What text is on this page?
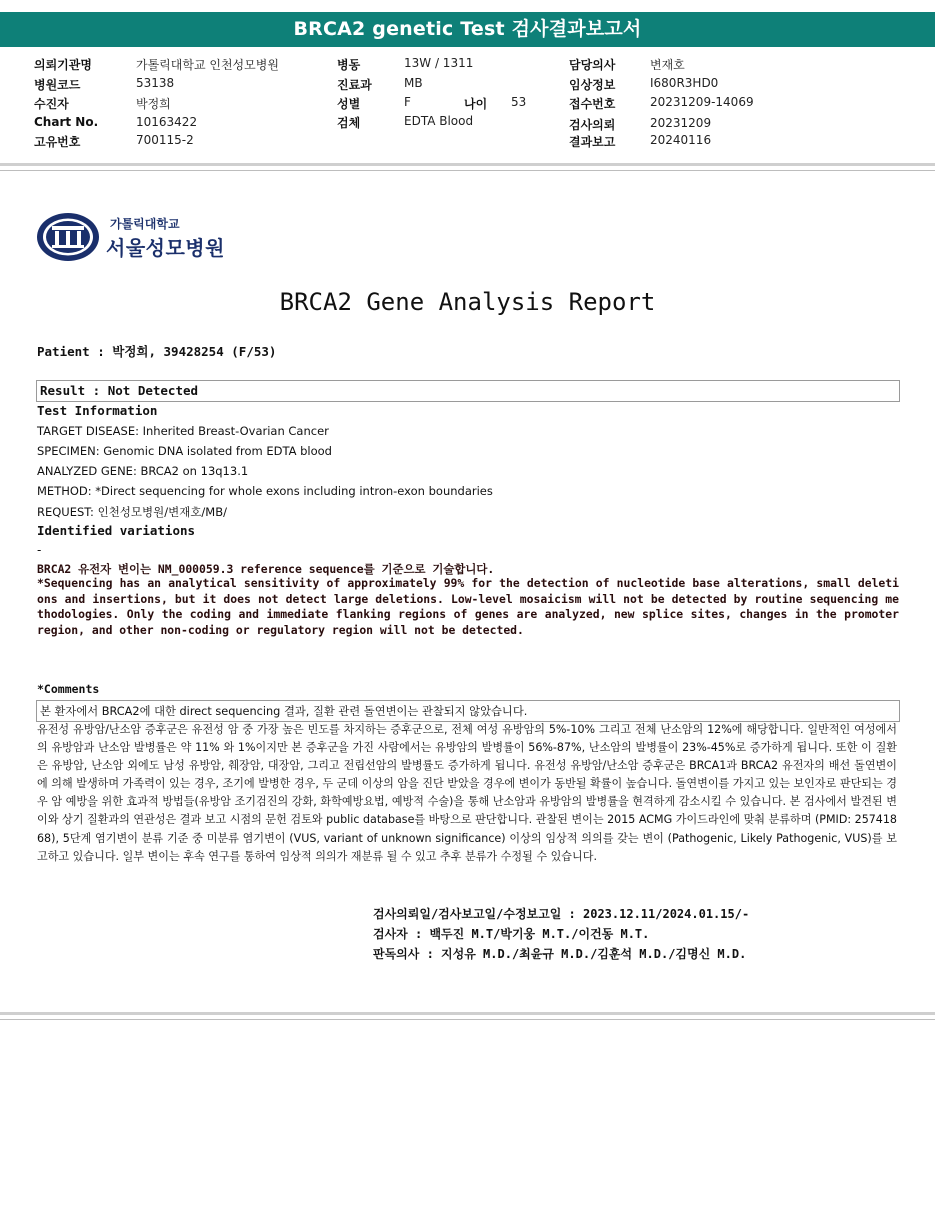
BRCA2 genetic Test 검사결과보고서
의뢰기관명	가톨릭대학교 인천성모병원
병원코드	53138
수진자	박정희
Chart No.	10163422
고유번호	700115-2
병동	13W / 1311
진료과	MB
성별	F	나이 53
검체	EDTA Blood
담당의사	변재호
임상정보	I680R3HD0
접수번호	20231209-14069
검사의뢰	20231209
결과보고	20240116
가톨릭대학교
서울성모병원
BRCA2 Gene Analysis Report
Patient : 박정희, 39428254 (F/53)
Result : Not Detected
Test Information
TARGET DISEASE: Inherited Breast-Ovarian Cancer
SPECIMEN: Genomic DNA isolated from EDTA blood
ANALYZED GENE: BRCA2 on 13q13.1
METHOD: *Direct sequencing for whole exons including intron-exon boundaries
REQUEST: 인천성모병원/변재호/MB/
Identified variations
-
BRCA2 유전자 변이는 NM_000059.3 reference sequence를 기준으로 기술합니다.

*Sequencing has an analytical sensitivity of approximately 99% for the detection of nucleotide base alterations, small deletions and insertions, but it does not detect large deletions. Low-level mosaicism will not be detected by routine sequencing methodologies. Only the coding and immediate flanking regions of genes are analyzed, new splice sites, changes in the promoter region, and other non-coding or regulatory region will not be detected.

*Comments
본 환자에서 BRCA2에 대한 direct sequencing 결과, 질환 관련 돌연변이는 관찰되지 않았습니다.

유전성 유방암/난소암 증후군은 유전성 암 중 가장 높은 빈도를 차지하는 증후군으로, 전체 여성 유방암의 5%-10% 그리고 전체 난소암의 12%에 해당합니다. 일반적인 여성에서의 유방암과 난소암 발병률은 약 11% 와 1%이지만 본 증후군을 가진 사람에서는 유방암의 발병률이 56%-87%, 난소암의 발병률이 23%-45%로 증가하게 됩니다. 또한 이 질환은 유방암, 난소암 외에도 남성 유방암, 췌장암, 대장암, 그리고 전립선암의 발병률도 증가하게 됩니다. 유전성 유방암/난소암 증후군은 BRCA1과 BRCA2 유전자의 배선 돌연변이에 의해 발생하며 가족력이 있는 경우, 조기에 발병한 경우, 두 군데 이상의 암을 진단 받았을 경우에 변이가 동반될 확률이 높습니다. 돌연변이를 가지고 있는 보인자로 판단되는 경우 암 예방을 위한 효과적 방법들(유방암 조기검진의 강화, 화학예방요법, 예방적 수술)을 통해 난소암과 유방암의 발병률을 현격하게 감소시킬 수 있습니다. 본 검사에서 발견된 변이와 상기 질환과의 연관성은 결과 보고 시점의 문헌 검토와 public database를 바탕으로 판단합니다. 관찰된 변이는 2015 ACMG 가이드라인에 맞춰 분류하며 (PMID: 25741868), 5단계 염기변이 분류 기준 중 미분류 염기변이 (VUS, variant of unknown significance) 이상의 임상적 의의를 갖는 변이 (Pathogenic, Likely Pathogenic, VUS)를 보고하고 있습니다. 일부 변이는 후속 연구를 통하여 임상적 의의가 재분류 될 수 있고 추후 분류가 수정될 수 있습니다.

검사의뢰일/검사보고일/수정보고일 : 2023.12.11/2024.01.15/-
검사자 : 백두진 M.T/박기웅 M.T./이건동 M.T.
판독의사 : 지성유 M.D./최윤규 M.D./김훈석 M.D./김명신 M.D.
